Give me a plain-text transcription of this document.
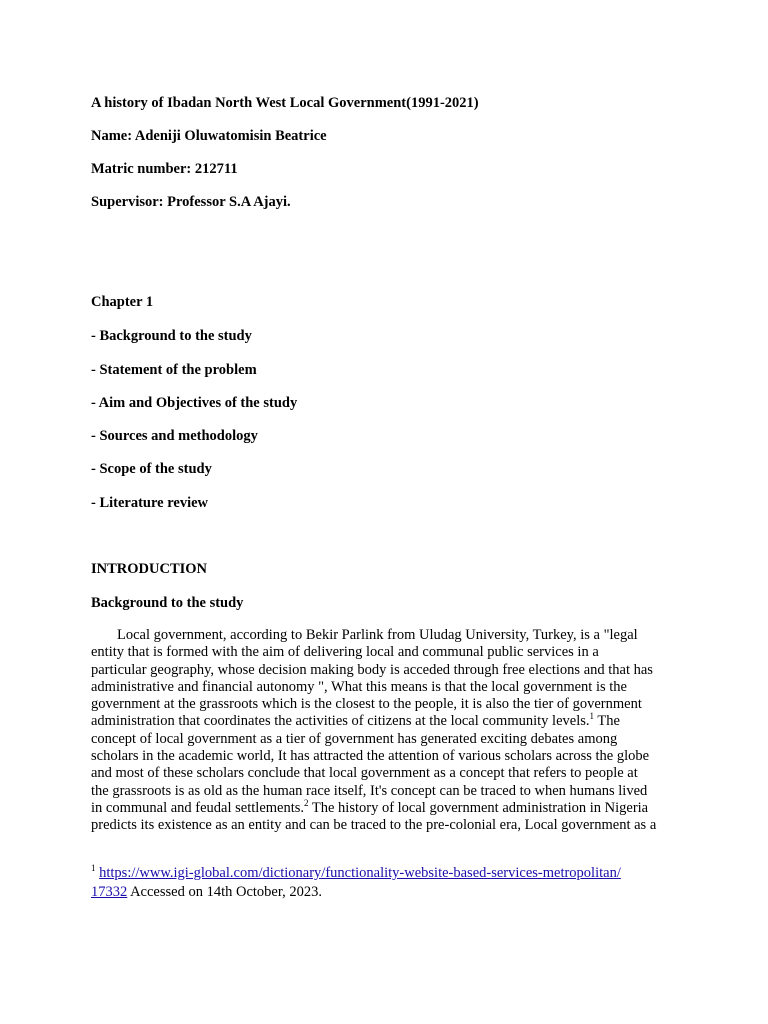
A history of Ibadan North West Local Government(1991-2021)
Name: Adeniji Oluwatomisin Beatrice
Matric number: 212711
Supervisor: Professor S.A Ajayi.
Chapter 1
- Background to the study
- Statement of the problem
- Aim and Objectives of the study
- Sources and methodology
- Scope of the study
- Literature review
INTRODUCTION
Background to the study
Local government, according to Bekir Parlink from Uludag University, Turkey, is a "legal
entity that is formed with the aim of delivering local and communal public services in a
particular geography, whose decision making body is acceded through free elections and that has
administrative and financial autonomy ", What this means is that the local government is the
government at the grassroots which is the closest to the people, it is also the tier of government
administration that coordinates the activities of citizens at the local community levels.$^1$ The
concept of local government as a tier of government has generated exciting debates among
scholars in the academic world, It has attracted the attention of various scholars across the globe
and most of these scholars conclude that local government as a concept that refers to people at
the grassroots is as old as the human race itself, It's concept can be traced to when humans lived
in communal and feudal settlements.$^2$ The history of local government administration in Nigeria
predicts its existence as an entity and can be traced to the pre-colonial era, Local government as a
$^1$ https://www.igi-global.com/dictionary/functionality-website-based-services-metropolitan/
17332 Accessed on 14th October, 2023.
